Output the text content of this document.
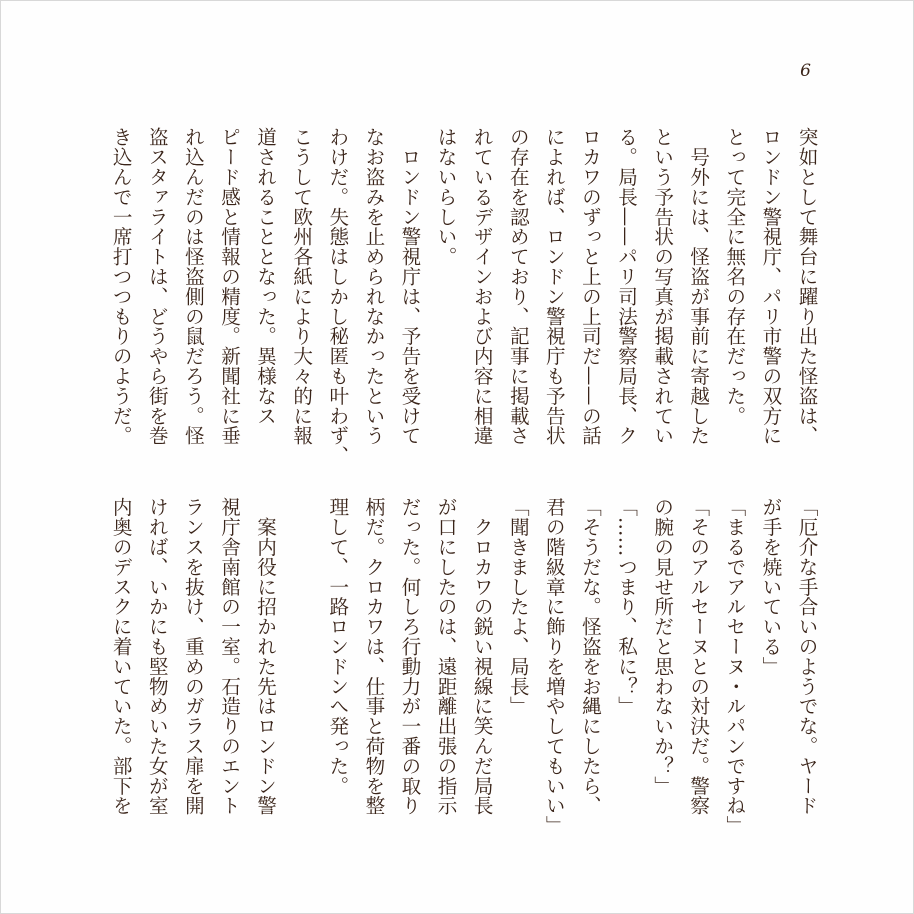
6
突如として舞台に躍り出た怪盗は、
ロンドン警視庁、パリ市警の双方に
とって完全に無名の存在だった。
　号外には、怪盗が事前に寄越した
という予告状の写真が掲載されてい
る。局長——パリ司法警察局長、ク
ロカワのずっと上の上司だ——の話
によれば、ロンドン警視庁も予告状
の存在を認めており、記事に掲載さ
れているデザインおよび内容に相違
はないらしい。
　ロンドン警視庁は、予告を受けて
なお盗みを止められなかったという
わけだ。失態はしかし秘匿も叶わず、
こうして欧州各紙により大々的に報
道されることとなった。異様なス
ピード感と情報の精度。新聞社に垂
れ込んだのは怪盗側の鼠だろう。怪
盗スタァライトは、どうやら街を巻
き込んで一席打つつもりのようだ。
「厄介な手合いのようでな。ヤード
が手を焼いている」
「まるでアルセーヌ・ルパンですね」
「そのアルセーヌとの対決だ。警察
の腕の見せ所だと思わないか？」
「……つまり、私に？」
「そうだな。怪盗をお縄にしたら、
君の階級章に飾りを増やしてもいい」
「聞きましたよ、局長」
　クロカワの鋭い視線に笑んだ局長
が口にしたのは、遠距離出張の指示
だった。何しろ行動力が一番の取り
柄だ。クロカワは、仕事と荷物を整
理して、一路ロンドンへ発った。
　案内役に招かれた先はロンドン警
視庁舎南館の一室。石造りのエント
ランスを抜け、重めのガラス扉を開
ければ、いかにも堅物めいた女が室
内奥のデスクに着いていた。部下を
